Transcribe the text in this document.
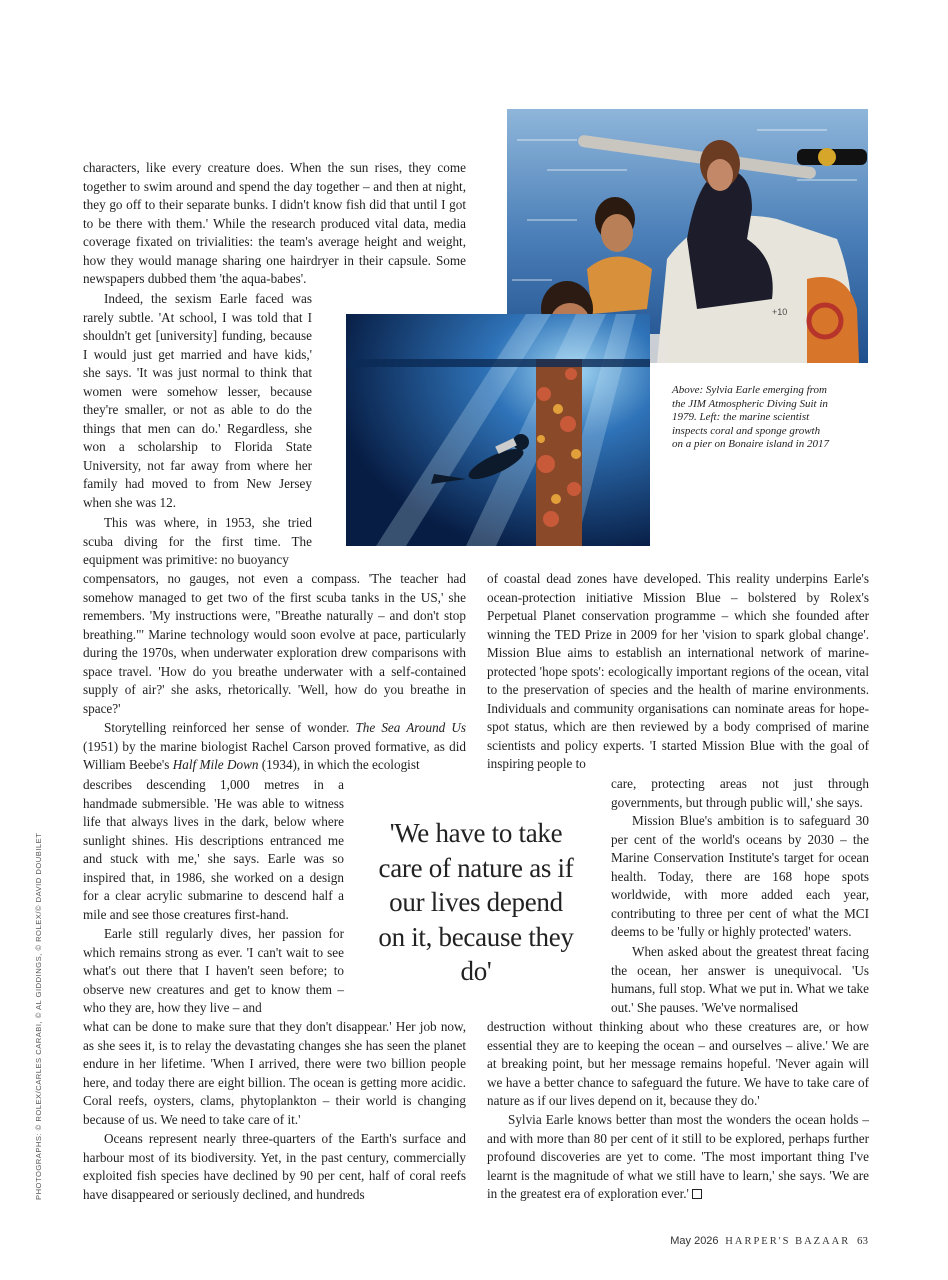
+10

characters, like every creature does. When the sun rises, they come together to swim around and spend the day together – and then at night, they go off to their separate bunks. I didn't know fish did that until I got to be there with them.' While the research produced vital data, media coverage fixated on trivialities: the team's average height and weight, how they would manage sharing one hairdryer in their capsule. Some newspapers dubbed them 'the aqua-babes'.

Indeed, the sexism Earle faced was rarely subtle. 'At school, I was told that I shouldn't get [university] funding, because I would just get married and have kids,' she says. 'It was just normal to think that women were somehow lesser, because they're smaller, or not as able to do the things that men can do.' Regardless, she won a scholarship to Florida State University, not far away from where her family had moved to from New Jersey when she was 12.

This was where, in 1953, she tried scuba diving for the first time. The equipment was primitive: no buoyancy

compensators, no gauges, not even a compass. 'The teacher had somehow managed to get two of the first scuba tanks in the US,' she remembers. 'My instructions were, "Breathe naturally – and don't stop breathing."' Marine technology would soon evolve at pace, particularly during the 1970s, when underwater exploration drew comparisons with space travel. 'How do you breathe underwater with a self-contained supply of air?' she asks, rhetorically. 'Well, how do you breathe in space?'

Storytelling reinforced her sense of wonder. The Sea Around Us (1951) by the marine biologist Rachel Carson proved formative, as did William Beebe's Half Mile Down (1934), in which the ecologist

describes descending 1,000 metres in a handmade submersible. 'He was able to witness life that always lives in the dark, below where sunlight shines. His descriptions entranced me and stuck with me,' she says. Earle was so inspired that, in 1986, she worked on a design for a clear acrylic submarine to descend half a mile and see those creatures first-hand.

Earle still regularly dives, her passion for which remains strong as ever. 'I can't wait to see what's out there that I haven't seen before; to observe new creatures and get to know them – who they are, how they live – and

what can be done to make sure that they don't disappear.' Her job now, as she sees it, is to relay the devastating changes she has seen the planet endure in her lifetime. 'When I arrived, there were two billion people here, and today there are eight billion. The ocean is getting more acidic. Coral reefs, oysters, clams, phytoplankton – their world is changing because of us. We need to take care of it.'

Oceans represent nearly three-quarters of the Earth's surface and harbour most of its biodiversity. Yet, in the past century, commercially exploited fish species have declined by 90 per cent, half of coral reefs have disappeared or seriously declined, and hundreds

of coastal dead zones have developed. This reality underpins Earle's ocean-protection initiative Mission Blue – bolstered by Rolex's Perpetual Planet conservation programme – which she founded after winning the TED Prize in 2009 for her 'vision to spark global change'. Mission Blue aims to establish an international network of marine-protected 'hope spots': ecologically important regions of the ocean, vital to the preservation of species and the health of marine environments. Individuals and community organisations can nominate areas for hope-spot status, which are then reviewed by a body comprised of marine scientists and policy experts. 'I started Mission Blue with the goal of inspiring people to

care, protecting areas not just through governments, but through public will,' she says.

Mission Blue's ambition is to safeguard 30 per cent of the world's oceans by 2030 – the Marine Conservation Institute's target for ocean health. Today, there are 168 hope spots worldwide, with more added each year, contributing to three per cent of what the MCI deems to be 'fully or highly protected' waters.

When asked about the greatest threat facing the ocean, her answer is unequivocal. 'Us humans, full stop. What we put in. What we take out.' She pauses. 'We've normalised

destruction without thinking about who these creatures are, or how essential they are to keeping the ocean – and ourselves – alive.' We are at breaking point, but her message remains hopeful. 'Never again will we have a better chance to safeguard the future. We have to take care of nature as if our lives depend on it, because they do.'

Sylvia Earle knows better than most the wonders the ocean holds – and with more than 80 per cent of it still to be explored, perhaps further profound discoveries are yet to come. 'The most important thing I've learnt is the magnitude of what we still have to learn,' she says. 'We are in the greatest era of exploration ever.'

Above: Sylvia Earle emerging from the JIM Atmospheric Diving Suit in 1979. Left: the marine scientist inspects coral and sponge growth on a pier on Bonaire island in 2017
'We have to take care of nature as if our lives depend on it, because they do'
PHOTOGRAPHS: © ROLEX/CARLES CARABI, © AL GIDDINGS, © ROLEX/© DAVID DOUBILET
May 2026 HARPER'S BAZAAR 63
